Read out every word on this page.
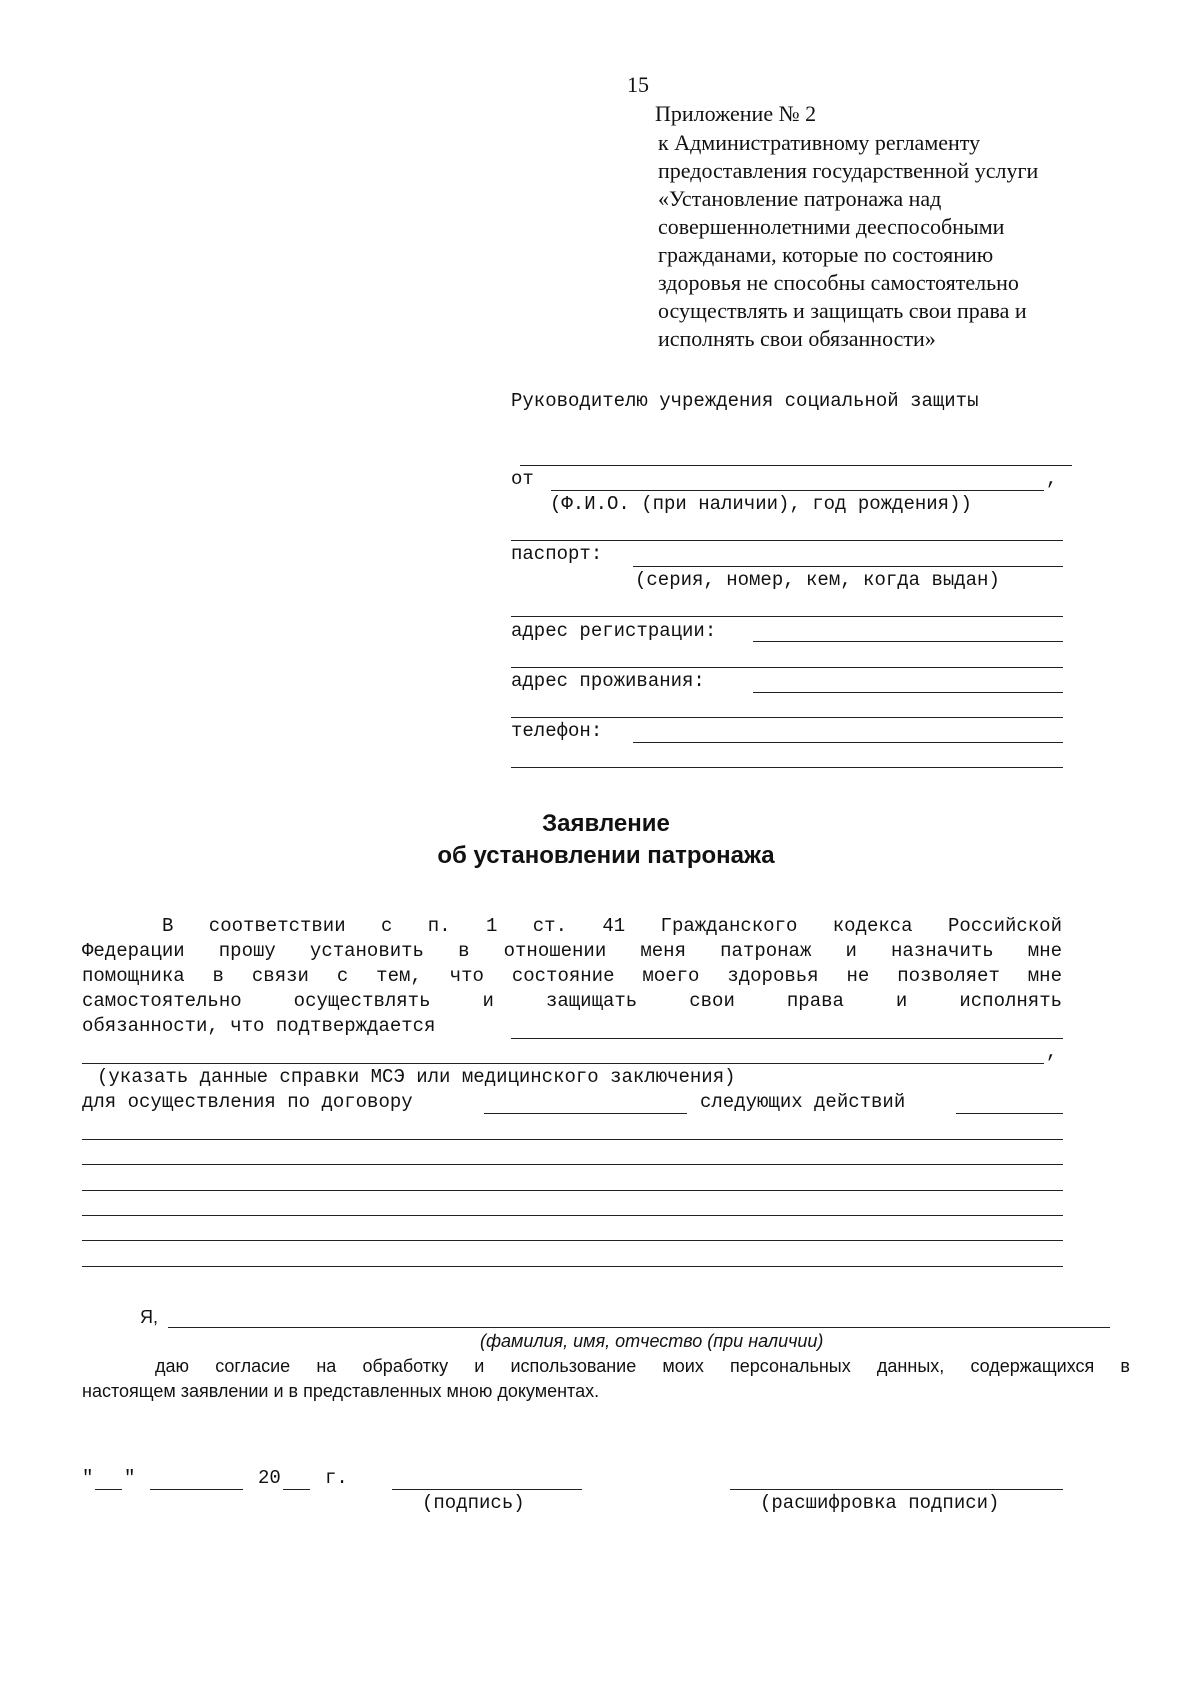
15
Приложение № 2
к Административному регламенту
предоставления государственной услуги
«Установление патронажа над
совершеннолетними дееспособными
гражданами, которые по состоянию
здоровья не способны самостоятельно
осуществлять и защищать свои права и
исполнять свои обязанности»
Руководителю учреждения социальной защиты
от	,
(Ф.И.О. (при наличии), год рождения))
паспорт:
(серия, номер, кем, когда выдан)
адрес регистрации:
адрес проживания:
телефон:
Заявление
об установлении патронажа
В соответствии с п. 1 ст. 41 Гражданского кодекса Российской
Федерации прошу установить в отношении меня патронаж и назначить мне
помощника в связи с тем, что состояние моего здоровья не позволяет мне
самостоятельно осуществлять и защищать свои права и исполнять
обязанности, что подтверждается
,
(указать данные справки МСЭ или медицинского заключения)
для осуществления по договору	следующих действий
Я,
(фамилия, имя, отчество (при наличии)
даю согласие на обработку и использование моих персональных данных, содержащихся в
настоящем заявлении и в представленных мною документах.
" "	20 г.
(подпись)	(расшифровка подписи)
